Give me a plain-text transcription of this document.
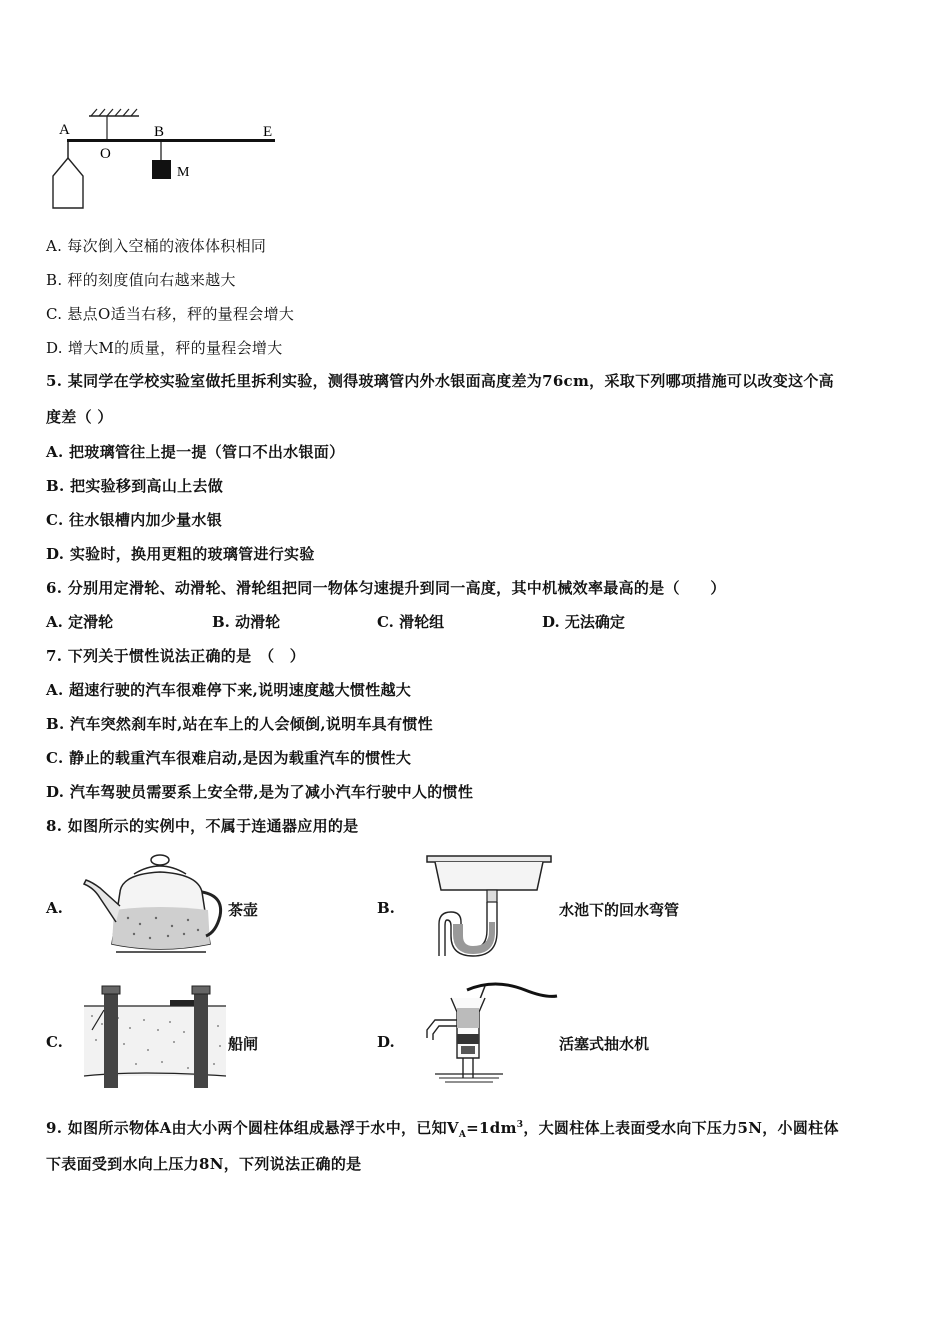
A
O
B	E
M
A. 每次倒入空桶的液体体积相同
B. 秤的刻度值向右越来越大
C. 悬点O适当右移，秤的量程会增大
D. 增大M的质量，秤的量程会增大
5. 某同学在学校实验室做托里拆利实验，测得玻璃管内外水银面高度差为76cm，采取下列哪项措施可以改变这个高
度差（ ）
A. 把玻璃管往上提一提（管口不出水银面）
B. 把实验移到高山上去做
C. 往水银槽内加少量水银
D. 实验时，换用更粗的玻璃管进行实验
6. 分别用定滑轮、动滑轮、滑轮组把同一物体匀速提升到同一高度，其中机械效率最高的是（　　）
A. 定滑轮	B. 动滑轮	C. 滑轮组	D. 无法确定
7. 下列关于惯性说法正确的是　（　）
A. 超速行驶的汽车很难停下来,说明速度越大惯性越大
B. 汽车突然刹车时,站在车上的人会倾倒,说明车具有惯性
C. 静止的载重汽车很难启动,是因为载重汽车的惯性大
D. 汽车驾驶员需要系上安全带,是为了减小汽车行驶中人的惯性
8. 如图所示的实例中，不属于连通器应用的是
A.	茶壶	B.	水池下的回水弯管
C.	船闸	D.	活塞式抽水机
9. 如图所示物体A由大小两个圆柱体组成悬浮于水中，已知$V_A=1dm^3$，大圆柱体上表面受水向下压力5N，小圆柱体
下表面受到水向上压力8N，下列说法正确的是
